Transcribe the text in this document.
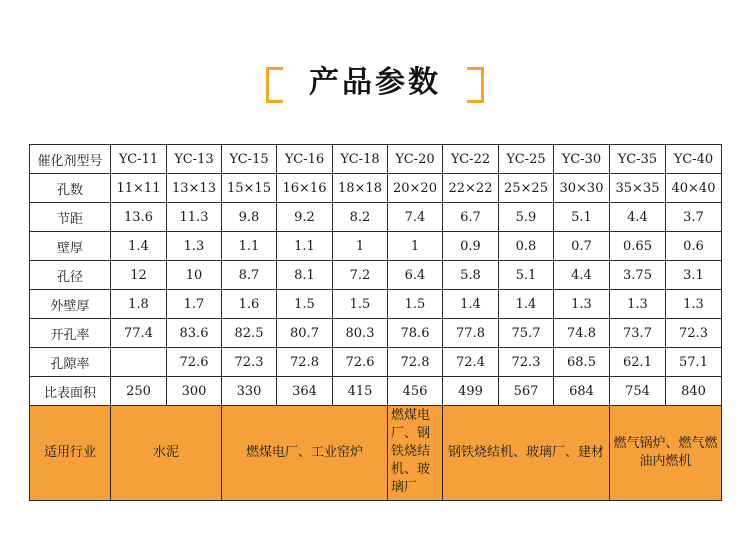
产品参数
催化剂型号	YC-11	YC-13	YC-15	YC-16	YC-18	YC-20	YC-22	YC-25	YC-30	YC-35	YC-40
孔数	11×11	13×13	15×15	16×16	18×18	20×20	22×22	25×25	30×30	35×35	40×40
节距	13.6	11.3	9.8	9.2	8.2	7.4	6.7	5.9	5.1	4.4	3.7
壁厚	1.4	1.3	1.1	1.1	1	1	0.9	0.8	0.7	0.65	0.6
孔径	12	10	8.7	8.1	7.2	6.4	5.8	5.1	4.4	3.75	3.1
外壁厚	1.8	1.7	1.6	1.5	1.5	1.5	1.4	1.4	1.3	1.3	1.3
开孔率	77.4	83.6	82.5	80.7	80.3	78.6	77.8	75.7	74.8	73.7	72.3
孔隙率		72.6	72.3	72.8	72.6	72.8	72.4	72.3	68.5	62.1	57.1
比表面积	250	300	330	364	415	456	499	567	684	754	840
适用行业	水泥		燃煤电厂、工业窑炉			燃煤电厂、钢铁烧结机、玻璃厂	钢铁烧结机、玻璃厂、建材			燃气锅炉、燃气燃油内燃机	
